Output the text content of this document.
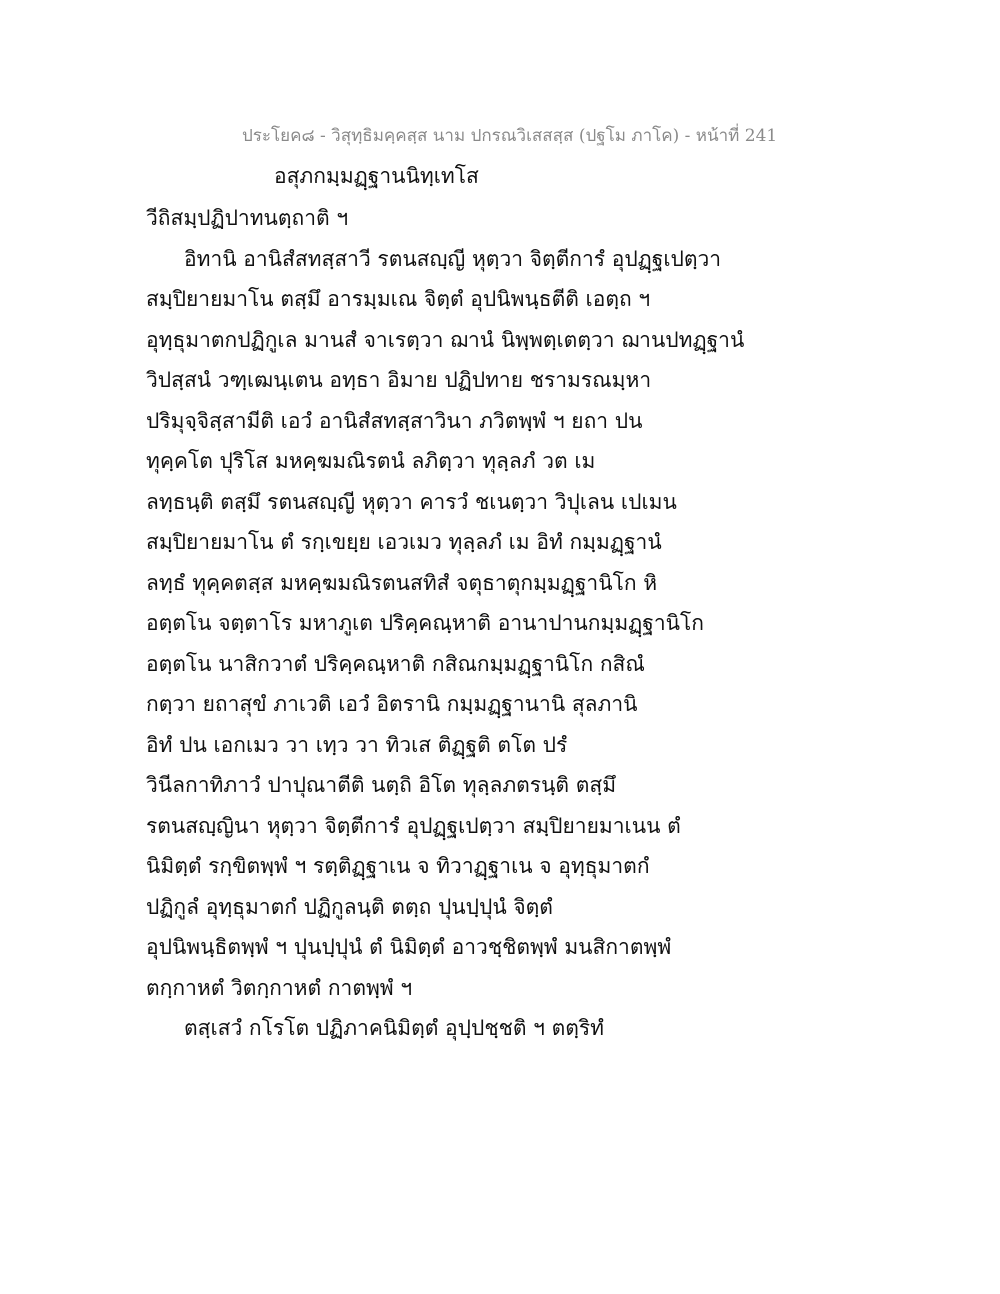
ประโยค๘ - วิสุทฺธิมคฺคสฺส นาม ปกรณวิเสสสฺส (ปฐโม ภาโค) - หน้าที่ 241
อสุภกมฺมฏฺฐานนิทฺเทโส
วีถิสมฺปฏิปาทนตฺถาติ ฯ
อิทานิ อานิสํสทสฺสาวี รตนสญฺญี หุตฺวา จิตฺตีการํ อุปฏฺฐเปตฺวา
สมฺปิยายมาโน ตสฺมึ อารมฺมเณ จิตฺตํ อุปนิพนฺธตีติ เอตฺถ ฯ
อุทฺธุมาตกปฏิกูเล มานสํ จาเรตฺวา ฌานํ นิพฺพตฺเตตฺวา ฌานปทฏฺฐานํ
วิปสฺสนํ วฑฺเฒนฺเตน อทฺธา อิมาย ปฏิปทาย ชรามรณมฺหา
ปริมุจฺจิสฺสามีติ เอวํ อานิสํสทสฺสาวินา ภวิตพฺพํ ฯ ยถา ปน
ทุคฺคโต ปุริโส มหคฺฆมณิรตนํ ลภิตฺวา ทุลฺลภํ วต เม
ลทฺธนฺติ ตสฺมึ รตนสญฺญี หุตฺวา คารวํ ชเนตฺวา วิปุเลน เปเมน
สมฺปิยายมาโน ตํ รกฺเขยฺย เอวเมว ทุลฺลภํ เม อิทํ กมฺมฏฺฐานํ
ลทฺธํ ทุคฺคตสฺส มหคฺฆมณิรตนสทิสํ จตุธาตุกมฺมฏฺฐานิโก หิ
อตฺตโน จตฺตาโร มหาภูเต ปริคฺคณฺหาติ อานาปานกมฺมฏฺฐานิโก
อตฺตโน นาสิกวาตํ ปริคฺคณฺหาติ กสิณกมฺมฏฺฐานิโก กสิณํ
กตฺวา ยถาสุขํ ภาเวติ เอวํ อิตรานิ กมฺมฏฺฐานานิ สุลภานิ
อิทํ ปน เอกเมว วา เทฺว วา ทิวเส ติฏฺฐติ ตโต ปรํ
วินีลกาทิภาวํ ปาปุณาตีติ นตฺถิ อิโต ทุลฺลภตรนฺติ ตสฺมึ
รตนสญฺญินา หุตฺวา จิตฺตีการํ อุปฏฺฐเปตฺวา สมฺปิยายมาเนน ตํ
นิมิตฺตํ รกฺขิตพฺพํ ฯ รตฺติฏฺฐาเน จ ทิวาฏฺฐาเน จ อุทฺธุมาตกํ
ปฏิกูลํ อุทฺธุมาตกํ ปฏิกูลนฺติ ตตฺถ ปุนปฺปุนํ จิตฺตํ
อุปนิพนฺธิตพฺพํ ฯ ปุนปฺปุนํ ตํ นิมิตฺตํ อาวชฺชิตพฺพํ มนสิกาตพฺพํ
ตกฺกาหตํ วิตกฺกาหตํ กาตพฺพํ ฯ
ตสฺเสวํ กโรโต ปฏิภาคนิมิตฺตํ อุปฺปชฺชติ ฯ ตตฺริทํ
